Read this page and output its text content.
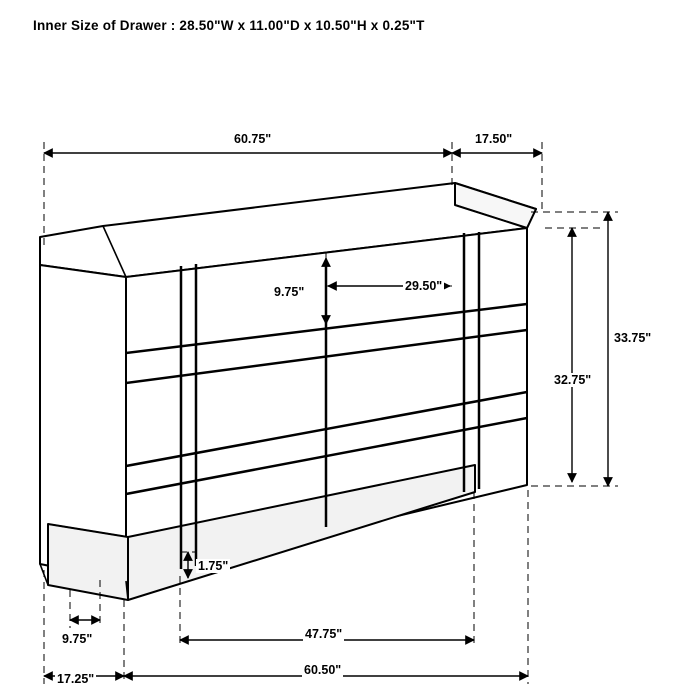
Inner Size of Drawer : 28.50"W x 11.00"D x 10.50"H x 0.25"T
60.75"	17.50"
9.75"	29.50"
33.75"
32.75"
1.75"
9.75"
17.25"
47.75"
60.50"
